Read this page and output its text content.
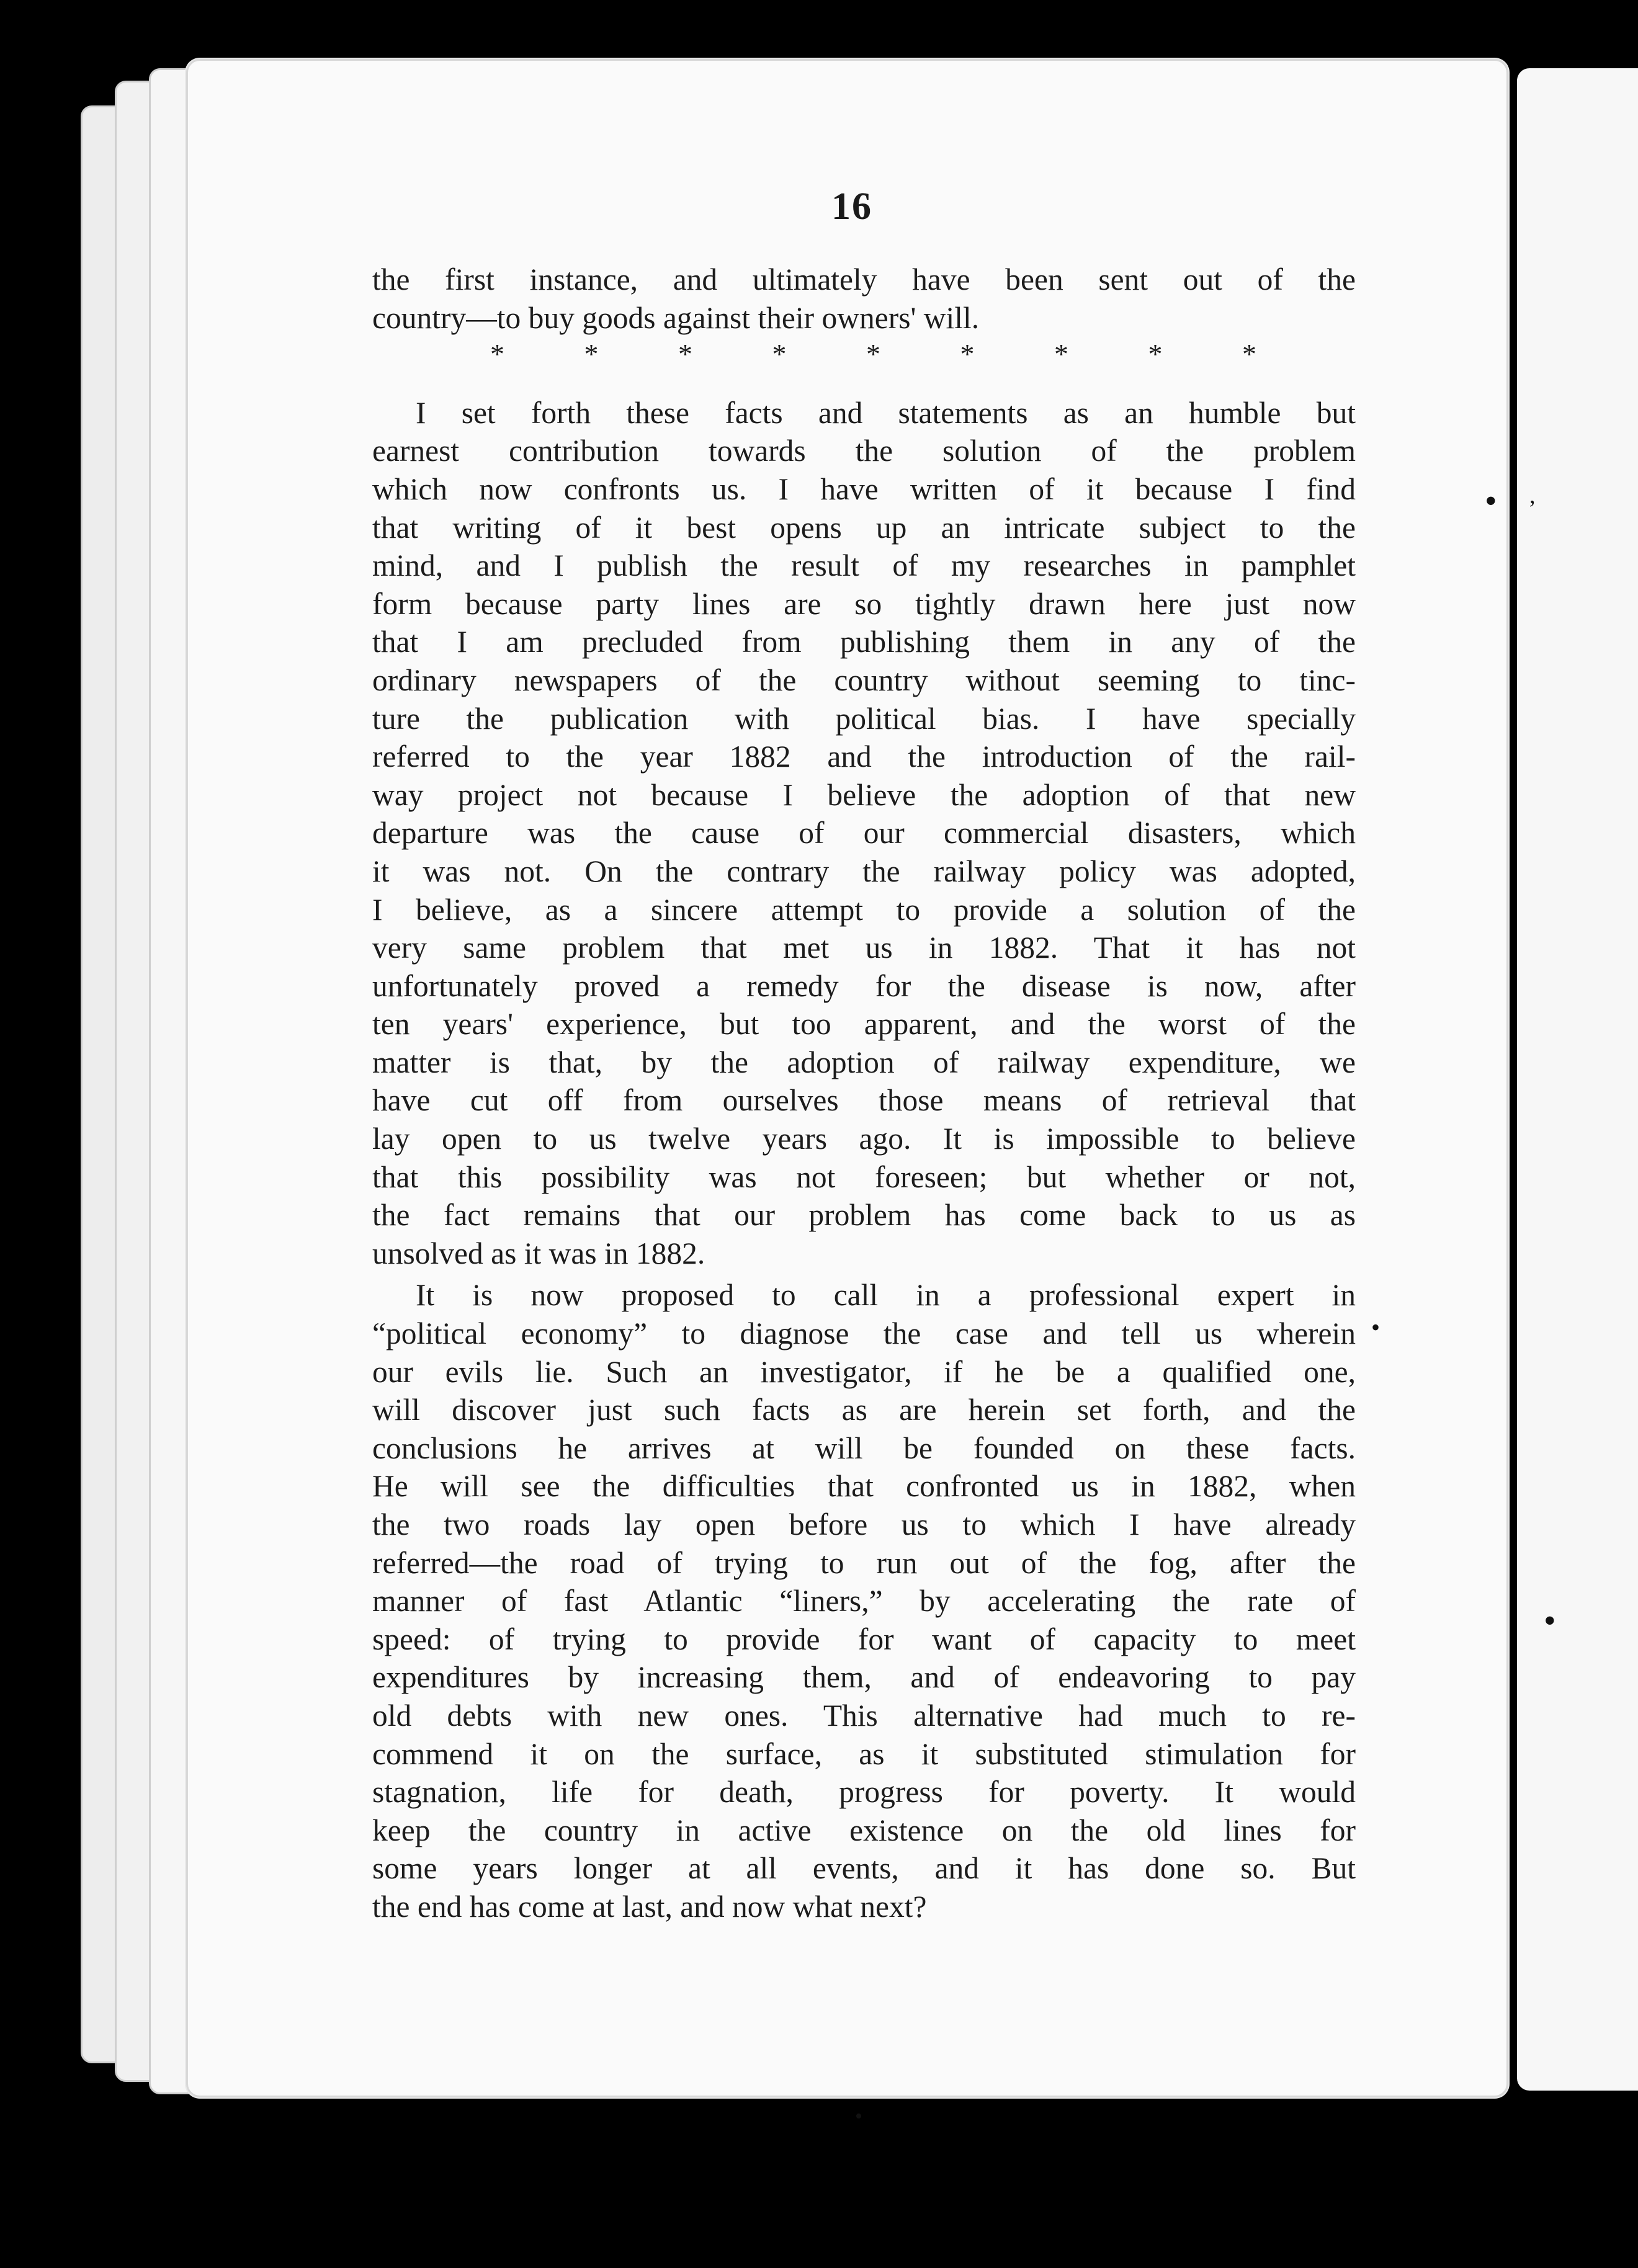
• ,
•
•
•
16
the first instance, and ultimately have been sent out of the
country—to buy goods against their owners' will.
*	*	*	*	*	*	*	*	*
I set forth these facts and statements as an humble but
earnest contribution towards the solution of the problem
which now confronts us. I have written of it because I find
that writing of it best opens up an intricate subject to the
mind, and I publish the result of my researches in pamphlet
form because party lines are so tightly drawn here just now
that I am precluded from publishing them in any of the
ordinary newspapers of the country without seeming to tinc-
ture the publication with political bias. I have specially
referred to the year 1882 and the introduction of the rail-
way project not because I believe the adoption of that new
departure was the cause of our commercial disasters, which
it was not. On the contrary the railway policy was adopted,
I believe, as a sincere attempt to provide a solution of the
very same problem that met us in 1882. That it has not
unfortunately proved a remedy for the disease is now, after
ten years' experience, but too apparent, and the worst of the
matter is that, by the adoption of railway expenditure, we
have cut off from ourselves those means of retrieval that
lay open to us twelve years ago. It is impossible to believe
that this possibility was not foreseen; but whether or not,
the fact remains that our problem has come back to us as
unsolved as it was in 1882.
It is now proposed to call in a professional expert in
“political economy” to diagnose the case and tell us wherein
our evils lie. Such an investigator, if he be a qualified one,
will discover just such facts as are herein set forth, and the
conclusions he arrives at will be founded on these facts.
He will see the difficulties that confronted us in 1882, when
the two roads lay open before us to which I have already
referred—the road of trying to run out of the fog, after the
manner of fast Atlantic “liners,” by accelerating the rate of
speed: of trying to provide for want of capacity to meet
expenditures by increasing them, and of endeavoring to pay
old debts with new ones. This alternative had much to re-
commend it on the surface, as it substituted stimulation for
stagnation, life for death, progress for poverty. It would
keep the country in active existence on the old lines for
some years longer at all events, and it has done so. But
the end has come at last, and now what next?
